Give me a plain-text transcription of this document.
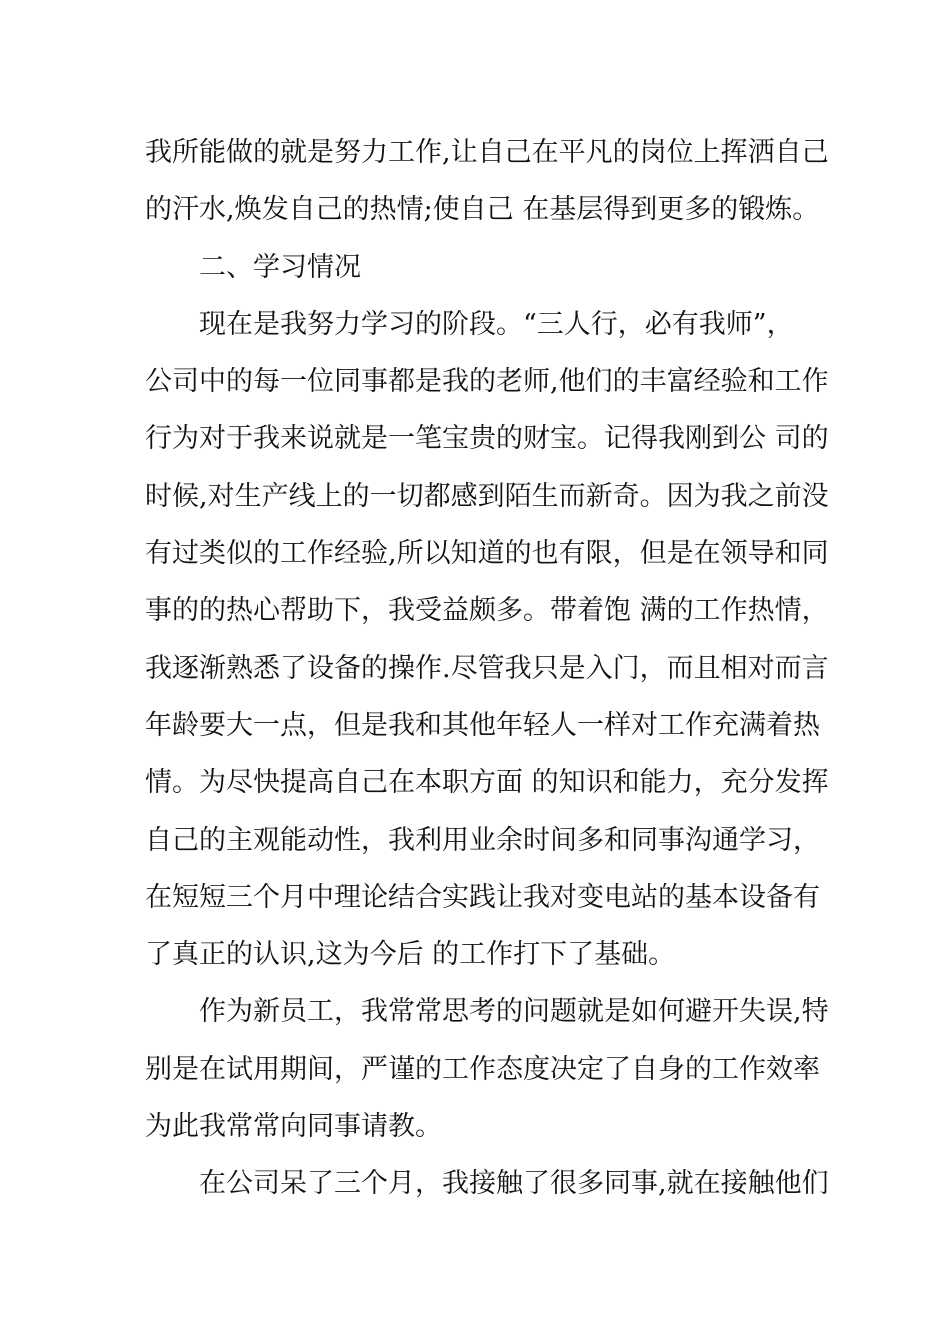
我所能做的就是努力工作,让自己在平凡的岗位上挥洒自己
的汗水,焕发自己的热情;使自己 在基层得到更多的锻炼。
二、学习情况
现在是我努力学习的阶段。“三人行，必有我师”，
公司中的每一位同事都是我的老师,他们的丰富经验和工作
行为对于我来说就是一笔宝贵的财宝。记得我刚到公 司的
时候,对生产线上的一切都感到陌生而新奇。因为我之前没
有过类似的工作经验,所以知道的也有限，但是在领导和同
事的的热心帮助下，我受益颇多。带着饱 满的工作热情，
我逐渐熟悉了设备的操作.尽管我只是入门，而且相对而言
年龄要大一点，但是我和其他年轻人一样对工作充满着热
情。为尽快提高自己在本职方面 的知识和能力，充分发挥
自己的主观能动性，我利用业余时间多和同事沟通学习，
在短短三个月中理论结合实践让我对变电站的基本设备有
了真正的认识,这为今后 的工作打下了基础。
作为新员工，我常常思考的问题就是如何避开失误,特
别是在试用期间，严谨的工作态度决定了自身的工作效率
为此我常常向同事请教。
在公司呆了三个月，我接触了很多同事,就在接触他们
